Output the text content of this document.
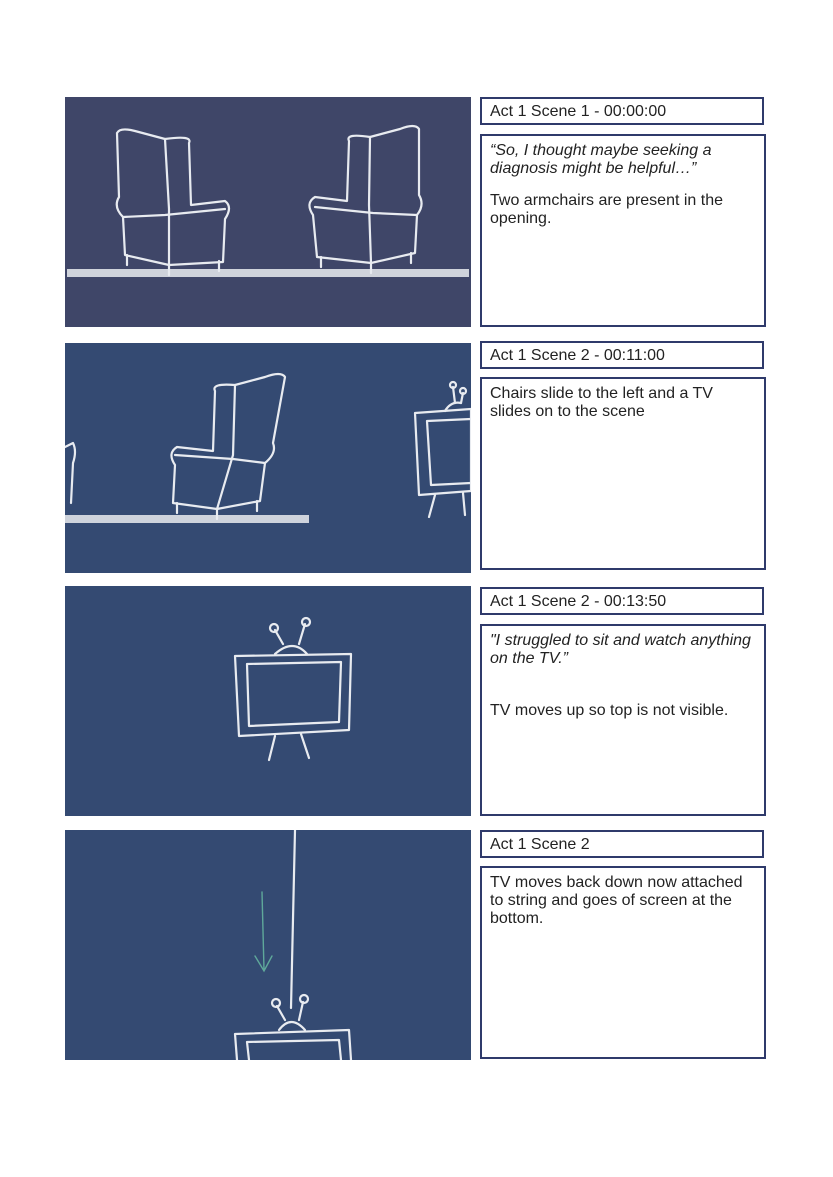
Act 1 Scene 1 - 00:00:00

“So, I thought maybe seeking a diagnosis might be helpful…”

Two armchairs are present in the opening.

Act 1 Scene 2 - 00:11:00

Chairs slide to the left and a TV slides on to the scene

Act 1 Scene 2 - 00:13:50

"I struggled to sit and watch anything on the TV.”

TV moves up so top is not visible.

Act 1 Scene 2

TV moves back down now attached to string and goes of screen at the bottom.
